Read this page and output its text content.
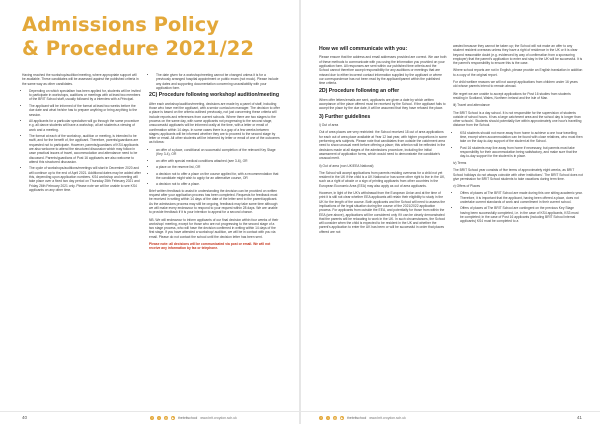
Admissions Policy
& Procedure 2021/22

Having reached the workshop/audition/meeting, where appropriate support will be available. These candidates will be assessed against the published criteria in the same way as other candidates.

• Depending on which specialism has been applied for, students will be invited to participate in workshops, auditions or meetings with at least two members of the BRIT School staff, usually followed by a interview with a Principal.
• The applicant will be informed of the format at least two weeks before the due date and what he/she has to prepare anything or bring anything to the session.
• All applicants for a particular specialism will go through the same procedure e.g. all dance students will have a workshop, all art students a viewing of work and a meeting.
• The format at each of the workshop, audition or meeting, is intended to be swift, and for the benefit of, the applicant. Therefore, parents/guardians are requested not to participate. However, parents/guardians of KS4 applicants are also welcome to attend the structured discussion which may follow in case practical issues of travel, accommodation and attendance need to be discussed. Parents/guardians of Post 16 applicants are also welcome to attend this structured discussion.
• The cycle of workshops/auditions/meetings will start in December 2020 and will continue up to the end of April 2021. Additional dates may be added after this, depending upon application numbers. KS4 workshop and meeting will take place over a fixed two day period on Thursday 25th February 2021 and Friday 26th February 2021 only. Please note we will be unable to see KS4 applicants on any other time.
• The date given for a workshop/meeting cannot be changed unless it is for a previously arranged hospital appointment or public exam (not mock). Please include any dates and supporting documentation concerning unavailability with your application form.
2C) Procedure following workshop/ audition/meeting

After each workshop/audition/meeting, decisions are made by a panel of staff, including those who have met the applicant, with a senior curriculum manager. The decision to offer a place is based on the criteria outlined previously, not just concerning these criteria will include reports and references from current schools. Where there are two stages to the process on the same day, with some applicants not progressing to the second stage, unsuccessful applicants will be informed orally at the time, with a letter or email of confirmation within 14 days. In some cases there is a gap of a few weeks between stages; applicants will be informed whether they are to proceed to the second stage by letter or email. All other students will be informed by letter or email of one of the outcomes as follows:

• an offer of a place, conditional on successful completion of the relevant Key Stage (Key 3-4), OR
• an offer with special medical conditions attached (see 3-6), OR
• a place on the reserve list, OR
• a decision not to offer a place on the course applied for, with a recommendation that the candidate might wish to apply for an alternative course, OR
• a decision not to offer a place.

Brief written feedback to assist in understanding the decision can be provided on written request after your application process has been completed. Requests for feedback must be received in writing within 14 days of the date of the letter sent to the parent/applicant. As the admissions process may still be ongoing, feedback may take some time although we will make every endeavour to respond to your request within 28 days. We are unable to provide feedback if it is your intention to appeal for a second chance.

NB. We will endeavour to inform applicants of our final decision within four weeks of their workshop/ meeting, except for those who are not progressing to the second stage of a two stage process, who will have the decision confirmed in writing within 14 days of the first stage. If you have attended a workshop/ audition, we will be in contact with you via email. Please do not contact the school until the decision letter has been sent.

Please note: all decisions will be communicated via post or email. We will not receive any information by fax or telephone.

40	f	t	◎ ▶ thebritschool www.brit.croydon.sch.uk
How we will communicate with you:

Please ensure that the address and email addresses provided are correct. We use both of these methods to communicate with you using the information you provided on your application form. All responses are sent within our published time criteria and the School cannot therefore accept responsibility for any auditions or meetings that are missed due to either incorrect contact information supplied by the applicant or where our correspondence has not been read by the applicant/parent within the published time criteria.

2D) Procedure following an offer

When offer letters/emails are sent, applicants are given a date by which written acceptance of the place offered must be received by the School. If the applicant fails to accept the place by the due date, it will be assumed that they have refused the place.

3) Further guidelines

i) Out of area

Out of area places are very restricted: the School received 18 out of area applications for each out of area place available at Year 12 last year, with higher proportions in some performing arts subjects. Please note that candidates from outside the catchment area need to show unusual merit before offering a place; this criterion will be reflected in the decisions made at all stages of the admissions procedure, including the initial assessment of application forms, which would need to demonstrate the candidate's unusual merit.

ii) Out of area (non UK/EEA National)

The School will accept applications from parents residing overseas for a child not yet resident in the UK if the child is a UK National or has some other right to live in the UK, such as a right of abode or a sign of printing applicants from other countries in the European Economic Area (EEA) may also apply as out of area applicants.

However, in light of the UK's withdrawal from the European Union and at the time of print it is still not clear whether EEA applicants will retain their eligibility to study in the UK for the length of the course. Both applicants and the School will need to assess the implications of the legal situation during the course of the 2021/2022 application process. For applicants from outside the EEA, and potentially for those from within the EEA (see above), applications will be considered only if it can be clearly demonstrated that the parents will be relocating to work in the UK. In such circumstances, the School will consider when the child is expected to be resident in the UK and whether the parent's application to enter the UK has been or will be successful in order that places offered are not

wasted because they cannot be taken up; the School will not make an offer to any student resident overseas unless they have a right of residence in the UK or it is clear beyond reasonable doubt (e.g. evidenced by way of confirmation from a sponsoring employer) that the parent's application to enter and stay in the UK will be successful. It is the parent's responsibility to ensure this is the case.

Where school reports are not in English, please provide an English translation in addition to a copy of the original report.

For child welfare reasons we will not accept applications from children under 16 years old whose parents intend to remain abroad.

We regret we are unable to accept applications for Post 16 studies from students residing in Scotland, Wales, Northern Ireland and the Isle of Man.

iii) Travel and attendance

The BRIT School is a day school. It is not responsible for the supervision of students outside of school hours. It has a large catchment area and the school day is longer than other schools'. Students should potentially live within approximately one hour's travelling distance from the School.

• KS4 students should not move away from home to achieve a one hour travelling time, except when accommodation can be found with close relatives, who must then take on the day-to-day support of the student at the School.
• Post 16 students may live away from home if necessary, but parents must take responsibility for their accommodation being satisfactory, and make sure that the day-to-day support for the student is in place.

iv) Terms

The BRIT School year consists of five terms of approximately eight weeks, as BRIT School holidays do not always coincide with other institutions'. The BRIT School does not give permission for BRIT School students to take vacations during term time.

v) Offers of Places

• Offers of places at The BRIT School are made during this one sitting academic year. Therefore, it is important that the applicant, having been offered a place, does not undertake current standards of work and commitment in their current school.
• Offers of places at The BRIT School are contingent on the previous Key Stage having been successfully completed, i.e. in the case of KS4 applicants, KS3 must be completed; in the case of Post 16 applicants (including BRIT School internal applicants) KS4 must be completed to a
f	t	◎ ▶ thebritschool www.brit.croydon.sch.uk	41
